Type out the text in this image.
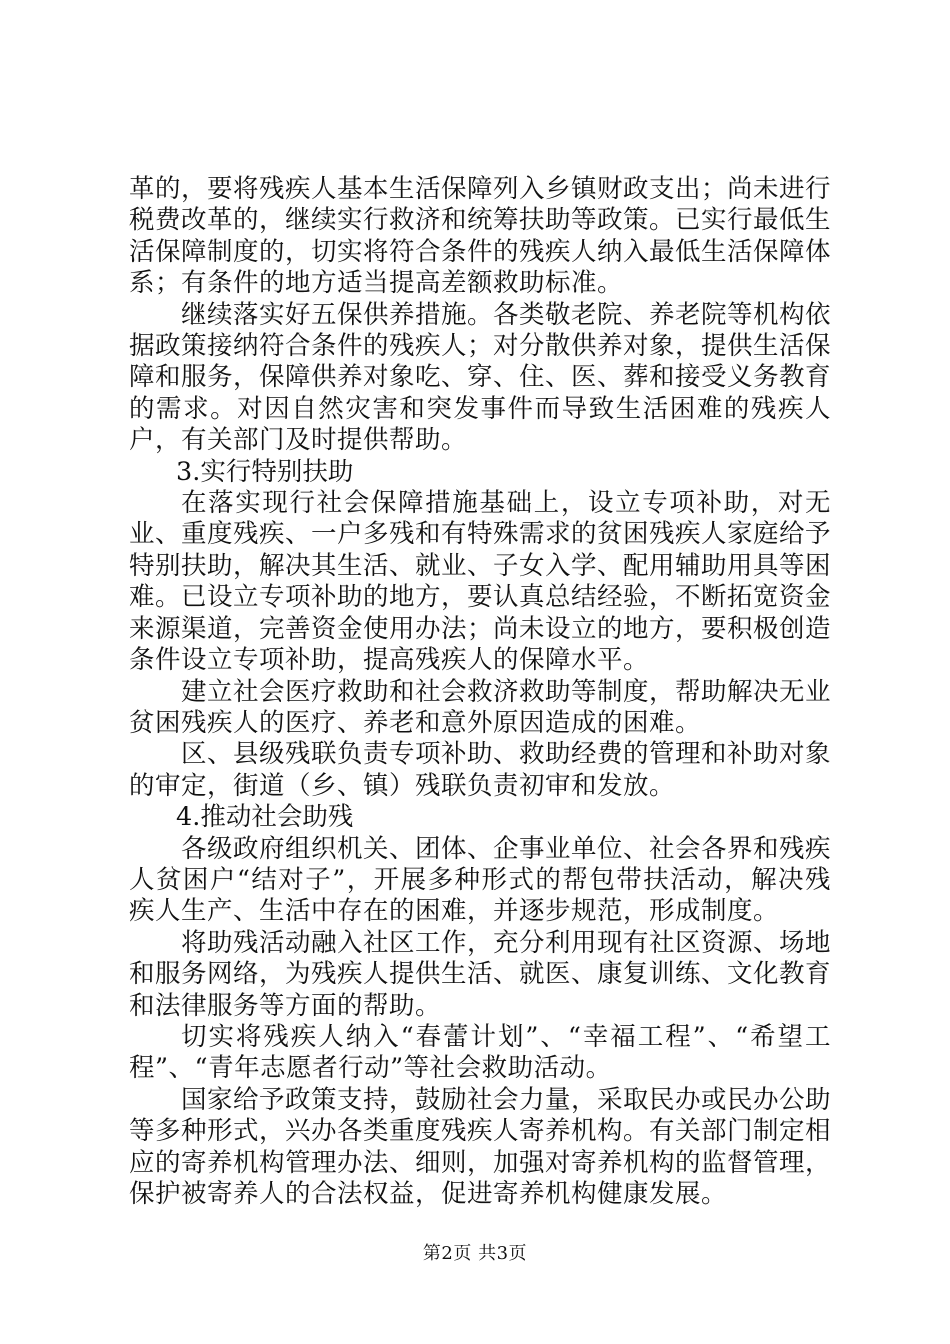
革的，要将残疾人基本生活保障列入乡镇财政支出；尚未进行税费改革的，继续实行救济和统筹扶助等政策。已实行最低生活保障制度的，切实将符合条件的残疾人纳入最低生活保障体系；有条件的地方适当提高差额救助标准。

继续落实好五保供养措施。各类敬老院、养老院等机构依据政策接纳符合条件的残疾人；对分散供养对象，提供生活保障和服务，保障供养对象吃、穿、住、医、葬和接受义务教育的需求。对因自然灾害和突发事件而导致生活困难的残疾人户，有关部门及时提供帮助。

3.实行特别扶助

在落实现行社会保障措施基础上，设立专项补助，对无业、重度残疾、一户多残和有特殊需求的贫困残疾人家庭给予特别扶助，解决其生活、就业、子女入学、配用辅助用具等困难。已设立专项补助的地方，要认真总结经验，不断拓宽资金来源渠道，完善资金使用办法；尚未设立的地方，要积极创造条件设立专项补助，提高残疾人的保障水平。

建立社会医疗救助和社会救济救助等制度，帮助解决无业贫困残疾人的医疗、养老和意外原因造成的困难。

区、县级残联负责专项补助、救助经费的管理和补助对象的审定，街道（乡、镇）残联负责初审和发放。

4.推动社会助残

各级政府组织机关、团体、企事业单位、社会各界和残疾人贫困户“结对子”，开展多种形式的帮包带扶活动，解决残疾人生产、生活中存在的困难，并逐步规范，形成制度。

将助残活动融入社区工作，充分利用现有社区资源、场地和服务网络，为残疾人提供生活、就医、康复训练、文化教育和法律服务等方面的帮助。

切实将残疾人纳入“春蕾计划”、“幸福工程”、“希望工程”、“青年志愿者行动”等社会救助活动。

国家给予政策支持，鼓励社会力量，采取民办或民办公助等多种形式，兴办各类重度残疾人寄养机构。有关部门制定相应的寄养机构管理办法、细则，加强对寄养机构的监督管理，保护被寄养人的合法权益，促进寄养机构健康发展。

第2页 共3页
